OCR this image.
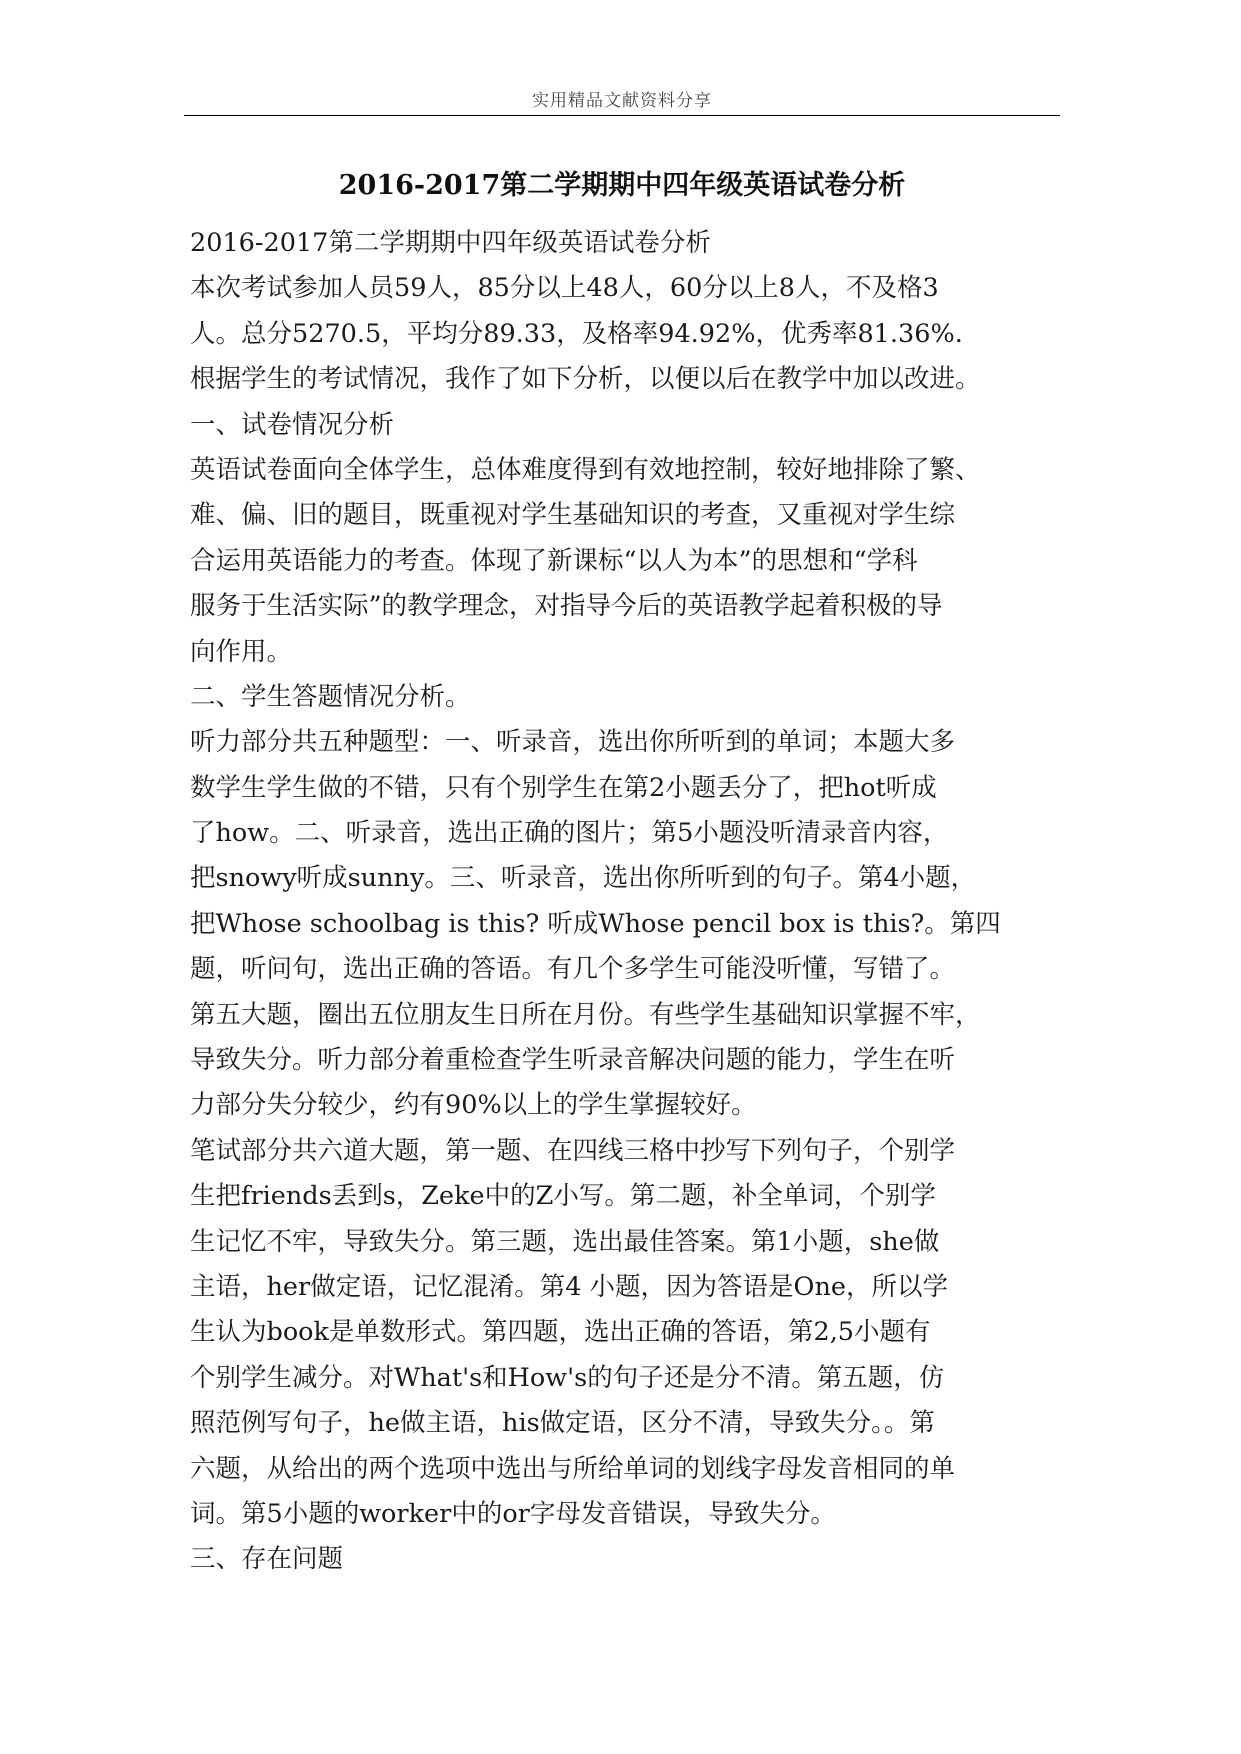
实用精品文献资料分享
2016-2017第二学期期中四年级英语试卷分析
2016-2017第二学期期中四年级英语试卷分析
本次考试参加人员59人，85分以上48人，60分以上8人，不及格3
人。总分5270.5，平均分89.33，及格率94.92%，优秀率81.36%.
根据学生的考试情况，我作了如下分析，以便以后在教学中加以改进。
一、试卷情况分析
英语试卷面向全体学生，总体难度得到有效地控制，较好地排除了繁、
难、偏、旧的题目，既重视对学生基础知识的考查，又重视对学生综
合运用英语能力的考查。体现了新课标“以人为本”的思想和“学科
服务于生活实际”的教学理念，对指导今后的英语教学起着积极的导
向作用。
二、学生答题情况分析。
听力部分共五种题型：一、听录音，选出你所听到的单词；本题大多
数学生学生做的不错，只有个别学生在第2小题丢分了，把hot听成
了how。二、听录音，选出正确的图片；第5小题没听清录音内容，
把snowy听成sunny。三、听录音，选出你所听到的句子。第4小题，
把Whose schoolbag is this? 听成Whose pencil box is this?。第四
题，听问句，选出正确的答语。有几个多学生可能没听懂，写错了。
第五大题，圈出五位朋友生日所在月份。有些学生基础知识掌握不牢，
导致失分。听力部分着重检查学生听录音解决问题的能力，学生在听
力部分失分较少，约有90%以上的学生掌握较好。
笔试部分共六道大题，第一题、在四线三格中抄写下列句子，个别学
生把friends丢到s，Zeke中的Z小写。第二题，补全单词，个别学
生记忆不牢，导致失分。第三题，选出最佳答案。第1小题，she做
主语，her做定语，记忆混淆。第4 小题，因为答语是One，所以学
生认为book是单数形式。第四题，选出正确的答语，第2,5小题有
个别学生减分。对What's和How's的句子还是分不清。第五题，仿
照范例写句子，he做主语，his做定语，区分不清，导致失分。。第
六题，从给出的两个选项中选出与所给单词的划线字母发音相同的单
词。第5小题的worker中的or字母发音错误，导致失分。
三、存在问题
